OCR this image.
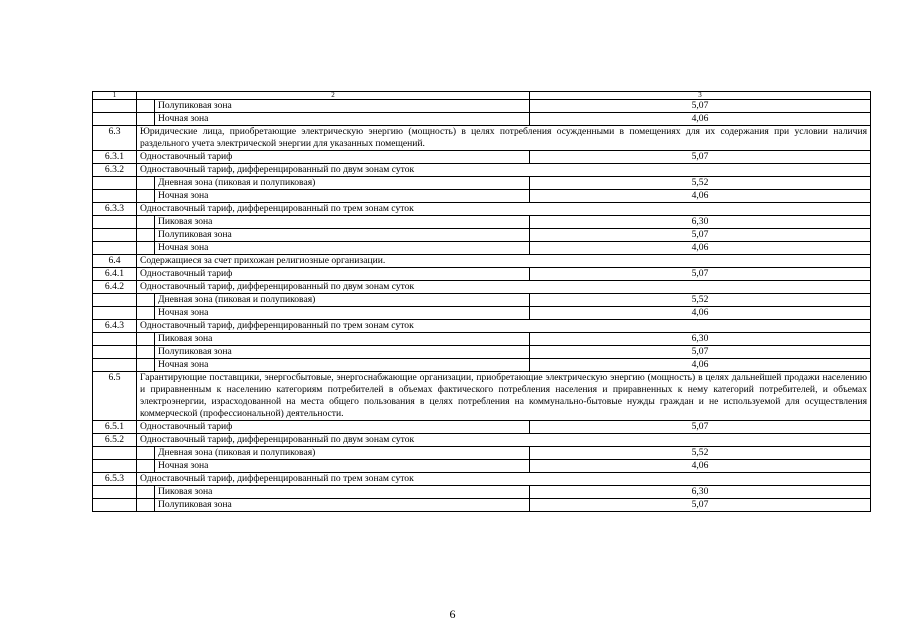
1	2		3
		Полупиковая зона	5,07
		Ночная зона	4,06
6.3	Юридические лица, приобретающие электрическую энергию (мощность) в целях потребления осужденными в помещениях для их содержания при условии наличия раздельного учета электрической энергии для указанных помещений.		
6.3.1	Одноставочный тариф		5,07
6.3.2	Одноставочный тариф, дифференцированный по двум зонам суток		
		Дневная зона (пиковая и полупиковая)	5,52
		Ночная зона	4,06
6.3.3	Одноставочный тариф, дифференцированный по трем зонам суток		
		Пиковая зона	6,30
		Полупиковая зона	5,07
		Ночная зона	4,06
6.4	Содержащиеся за счет прихожан религиозные организации.		
6.4.1	Одноставочный тариф		5,07
6.4.2	Одноставочный тариф, дифференцированный по двум зонам суток		
		Дневная зона (пиковая и полупиковая)	5,52
		Ночная зона	4,06
6.4.3	Одноставочный тариф, дифференцированный по трем зонам суток		
		Пиковая зона	6,30
		Полупиковая зона	5,07
		Ночная зона	4,06
6.5	Гарантирующие поставщики, энергосбытовые, энергоснабжающие организации, приобретающие электрическую энергию (мощность) в целях дальнейшей продажи населению и приравненным к населению категориям потребителей в объемах фактического потребления населения и приравненных к нему категорий потребителей, и объемах электроэнергии, израсходованной на места общего пользования в целях потребления на коммунально-бытовые нужды граждан и не используемой для осуществления коммерческой (профессиональной) деятельности.		
6.5.1	Одноставочный тариф		5,07
6.5.2	Одноставочный тариф, дифференцированный по двум зонам суток		
		Дневная зона (пиковая и полупиковая)	5,52
		Ночная зона	4,06
6.5.3	Одноставочный тариф, дифференцированный по трем зонам суток		
		Пиковая зона	6,30
		Полупиковая зона	5,07
6
